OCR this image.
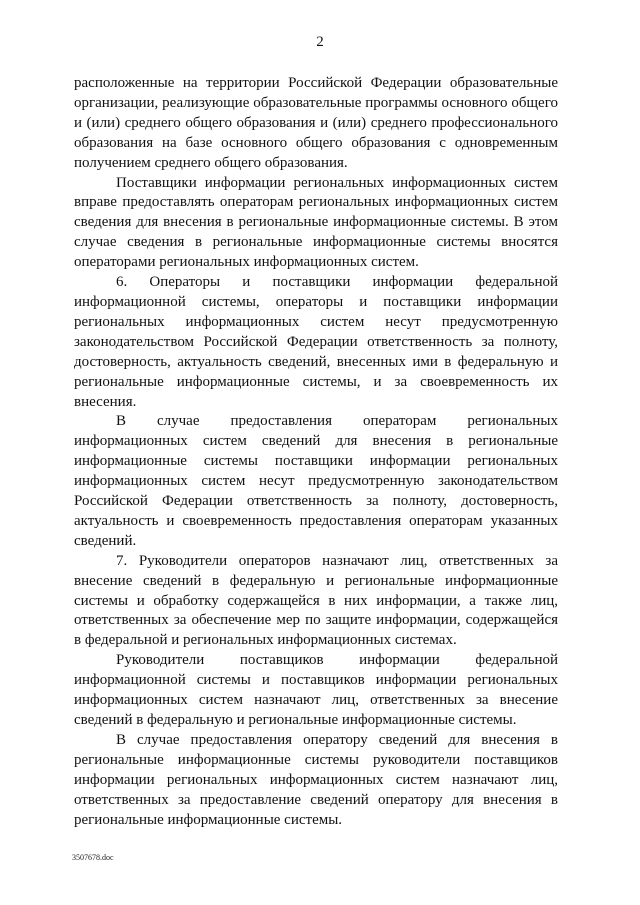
2

расположенные на территории Российской Федерации образовательные организации, реализующие образовательные программы основного общего и (или) среднего общего образования и (или) среднего профессионального образования на базе основного общего образования с одновременным получением среднего общего образования.

Поставщики информации региональных информационных систем вправе предоставлять операторам региональных информационных систем сведения для внесения в региональные информационные системы. В этом случае сведения в региональные информационные системы вносятся операторами региональных информационных систем.

6. Операторы и поставщики информации федеральной информационной системы, операторы и поставщики информации региональных информационных систем несут предусмотренную законодательством Российской Федерации ответственность за полноту, достоверность, актуальность сведений, внесенных ими в федеральную и региональные информационные системы, и за своевременность их внесения.

В случае предоставления операторам региональных информационных систем сведений для внесения в региональные информационные системы поставщики информации региональных информационных систем несут предусмотренную законодательством Российской Федерации ответственность за полноту, достоверность, актуальность и своевременность предоставления операторам указанных сведений.

7. Руководители операторов назначают лиц, ответственных за внесение сведений в федеральную и региональные информационные системы и обработку содержащейся в них информации, а также лиц, ответственных за обеспечение мер по защите информации, содержащейся в федеральной и региональных информационных системах.

Руководители поставщиков информации федеральной информационной системы и поставщиков информации региональных информационных систем назначают лиц, ответственных за внесение сведений в федеральную и региональные информационные системы.

В случае предоставления оператору сведений для внесения в региональные информационные системы руководители поставщиков информации региональных информационных систем назначают лиц, ответственных за предоставление сведений оператору для внесения в региональные информационные системы.

3507678.doc
